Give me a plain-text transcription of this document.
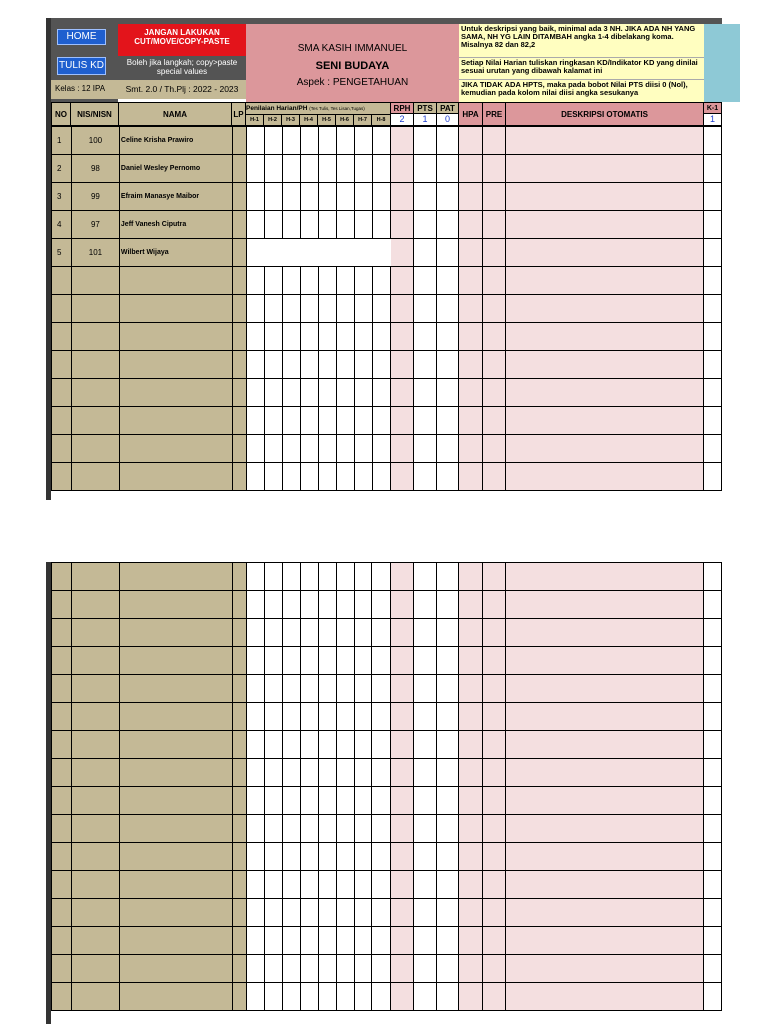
HOME
TULIS KD
Kelas : 12 IPA
JANGAN LAKUKAN CUT/MOVE/COPY-PASTE
Boleh jika langkah; copy>paste special values
Smt. 2.0 / Th.Plj : 2022 - 2023
SMA KASIH IMMANUEL
SENI BUDAYA
Aspek : PENGETAHUAN
Untuk deskripsi yang baik, minimal ada 3 NH. JIKA ADA NH YANG SAMA, NH YG LAIN DITAMBAH angka 1-4 dibelakang koma. Misalnya 82 dan 82,2
Setiap Nilai Harian tuliskan ringkasan KD/Indikator KD yang dinilai sesuai urutan yang dibawah kalamat ini
JIKA TIDAK ADA HPTS, maka pada bobot Nilai PTS diisi 0 (Nol), kemudian pada kolom nilai diisi angka sesukanya
NO	NIS/NISN	NAMA	LP
Penilaian Harian/PH (Tes Tulis, Tes Lisan,Tugas)
H-1	H-2	H-3	H-4	H-5	H-6	H-7	H-8
RPH PTS PAT
2	1	0	HPA PRE	DESKRIPSI OTOMATIS
K-1
1
1	100	Celine Krisha Prawiro																
2	98	Daniel Wesley Pernomo																
3	99	Efraim Manasye Maibor																
4	97	Jeff Vanesh Ciputra																
5	101	Wilbert Wijaya																
